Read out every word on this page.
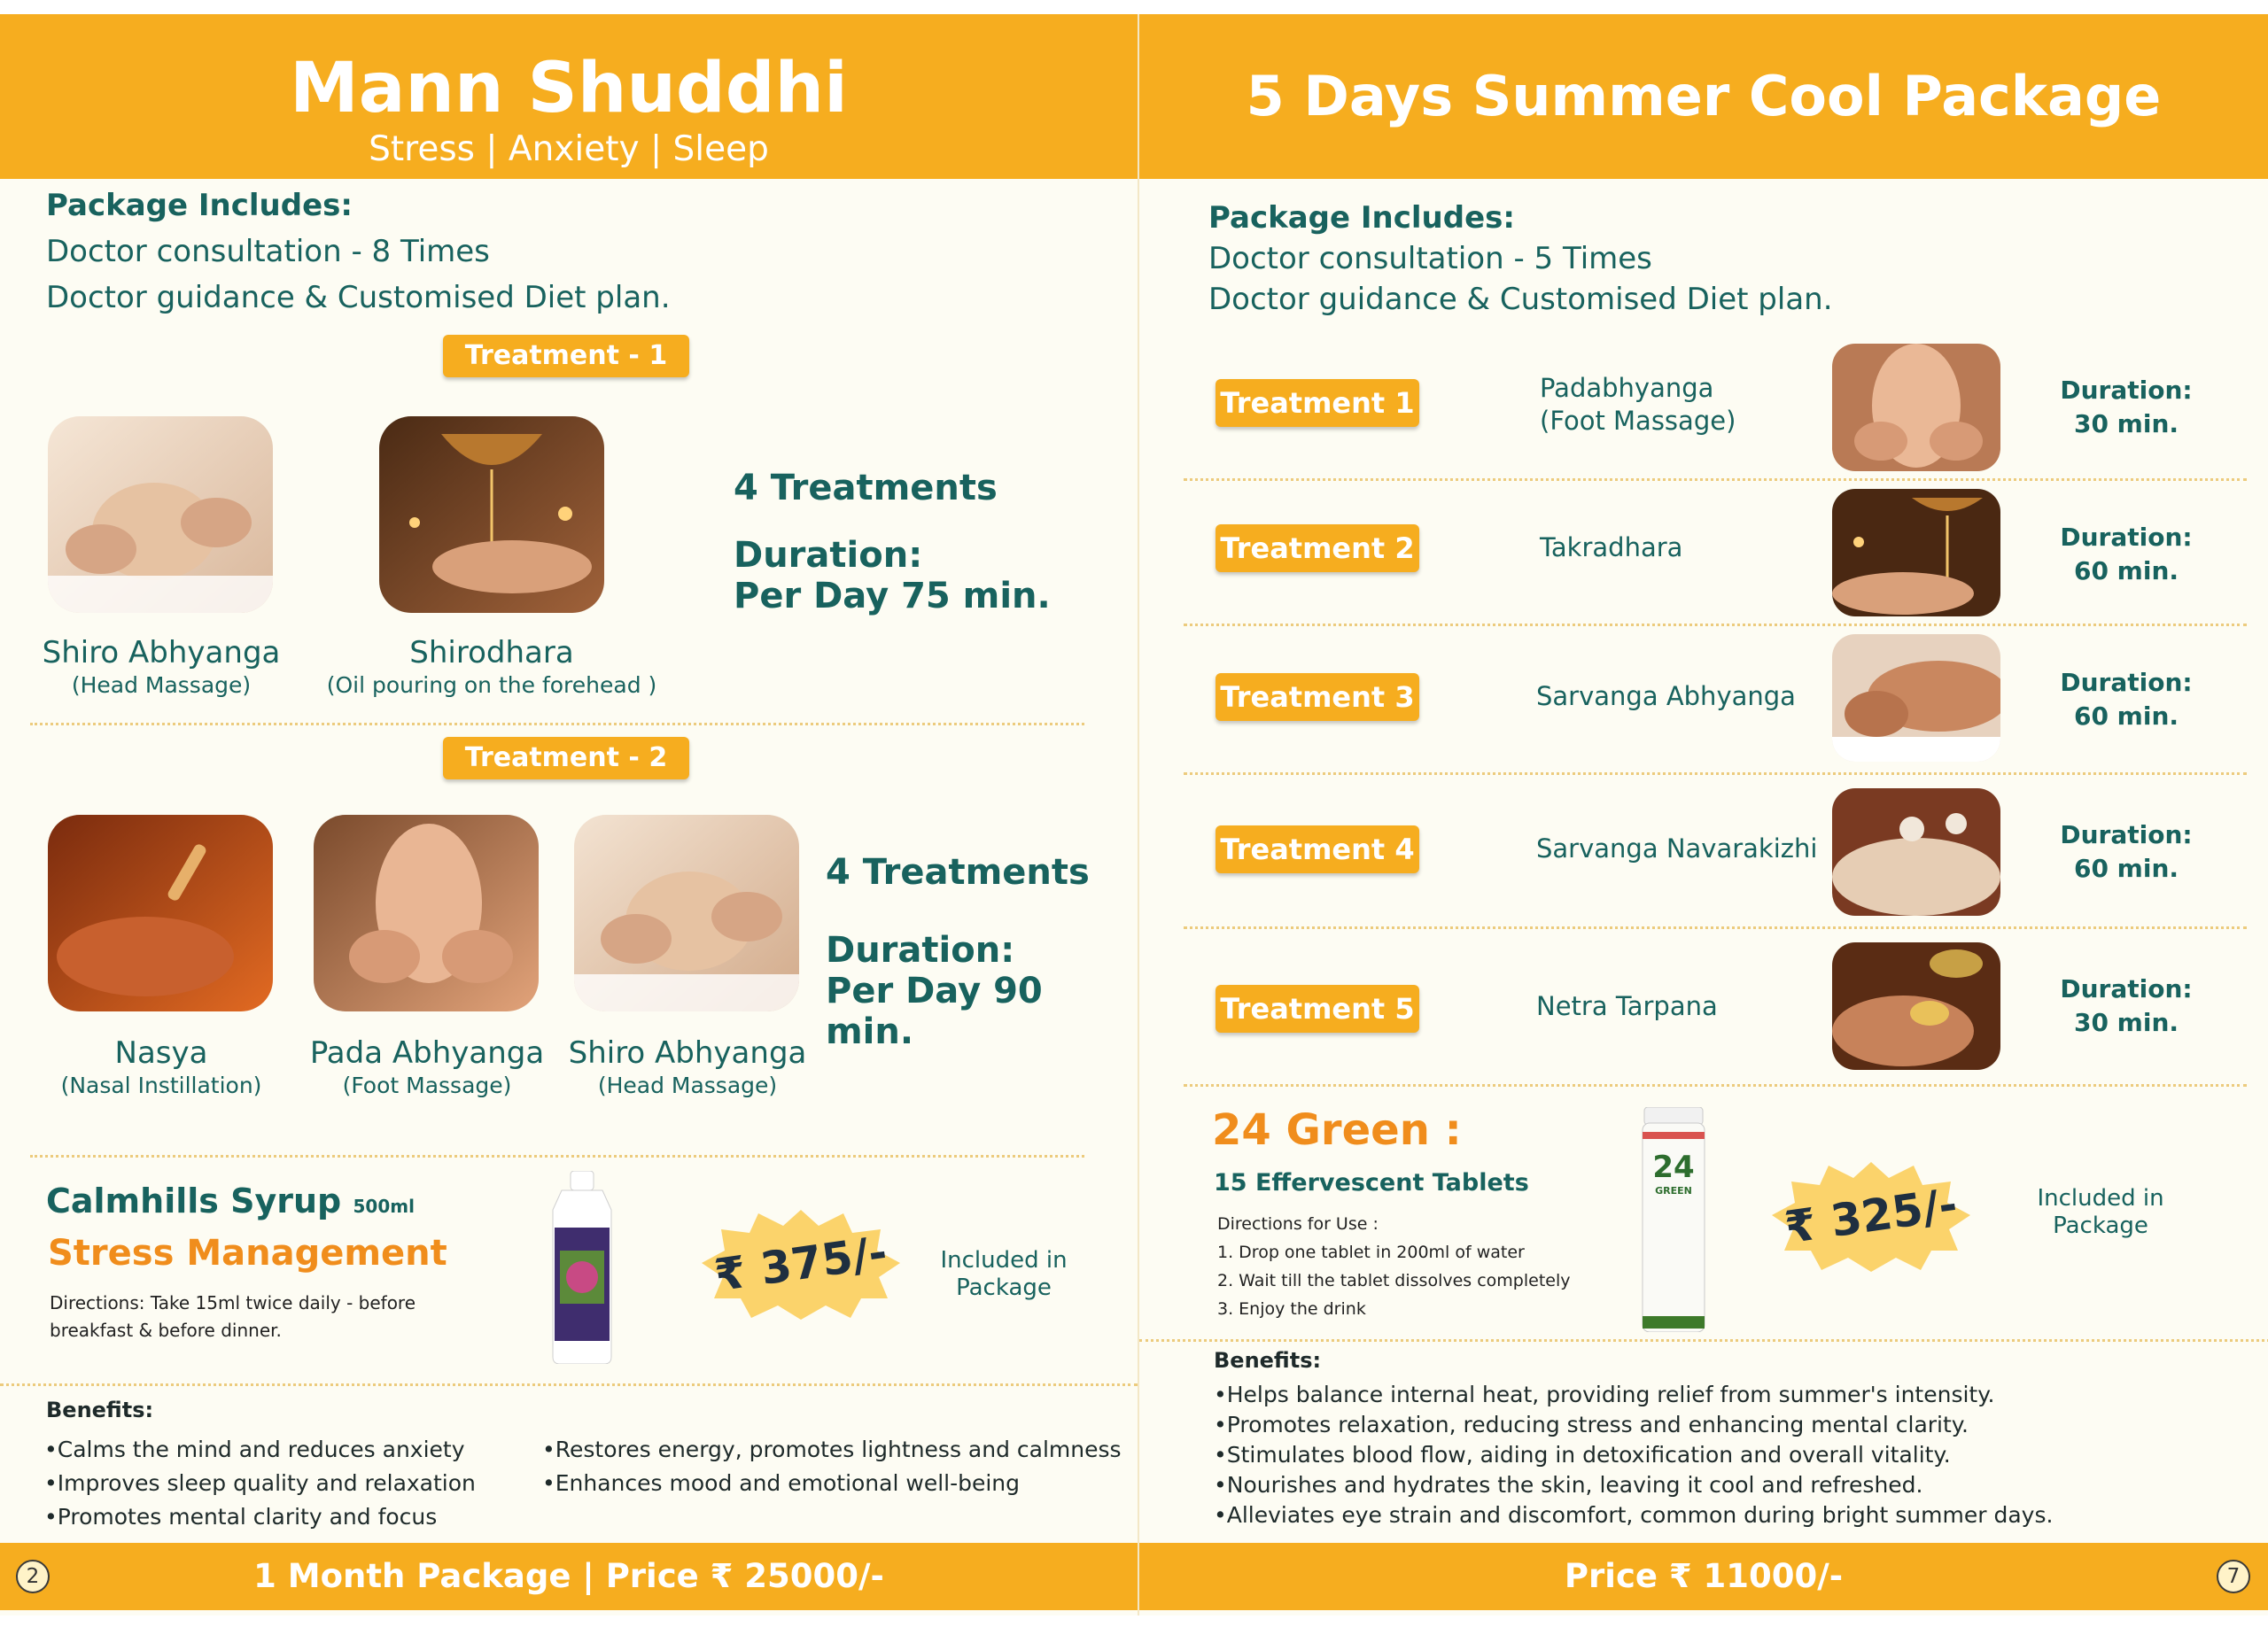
Mann Shuddhi
Stress | Anxiety | Sleep
Package Includes:
Doctor consultation - 8 Times
Doctor guidance & Customised Diet plan.
Treatment - 1
Shiro Abhyanga
(Head Massage)
Shirodhara
(Oil pouring on the forehead )
4 Treatments
Duration:
Per Day 75 min.
Treatment - 2
Nasya
(Nasal Instillation)
Pada Abhyanga
(Foot Massage)
Shiro Abhyanga
(Head Massage)
4 Treatments
Duration:
Per Day 90 min.
Calmhills Syrup 500ml
Stress Management
Directions: Take 15ml twice daily - before breakfast & before dinner.
₹ 375/-	Included in Package
Benefits:
• Calms the mind and reduces anxiety
• Improves sleep quality and relaxation
• Promotes mental clarity and focus
• Restores energy, promotes lightness and calmness
• Enhances mood and emotional well-being
2	1 Month Package | Price ₹ 25000/-
5 Days Summer Cool Package
Package Includes:
Doctor consultation - 5 Times
Doctor guidance & Customised Diet plan.
Treatment 1	Padabhyanga (Foot Massage)
Duration:
30 min.
Treatment 2	Takradhara	Duration:
60 min.
Treatment 3	Sarvanga Abhyanga	Duration:
60 min.
Treatment 4	Sarvanga Navarakizhi	Duration:
60 min.
Treatment 5	Netra Tarpana
Duration:
30 min.
24 Green :
15 Effervescent Tablets
Directions for Use :
1. Drop one tablet in 200ml of water
2. Wait till the tablet dissolves completely
3. Enjoy the drink
24
GREEN	₹ 325/-	Included in Package
Benefits:
• Helps balance internal heat, providing relief from summer's intensity.
• Promotes relaxation, reducing stress and enhancing mental clarity.
• Stimulates blood flow, aiding in detoxification and overall vitality.
• Nourishes and hydrates the skin, leaving it cool and refreshed.
• Alleviates eye strain and discomfort, common during bright summer days.
Price ₹ 11000/-	7
